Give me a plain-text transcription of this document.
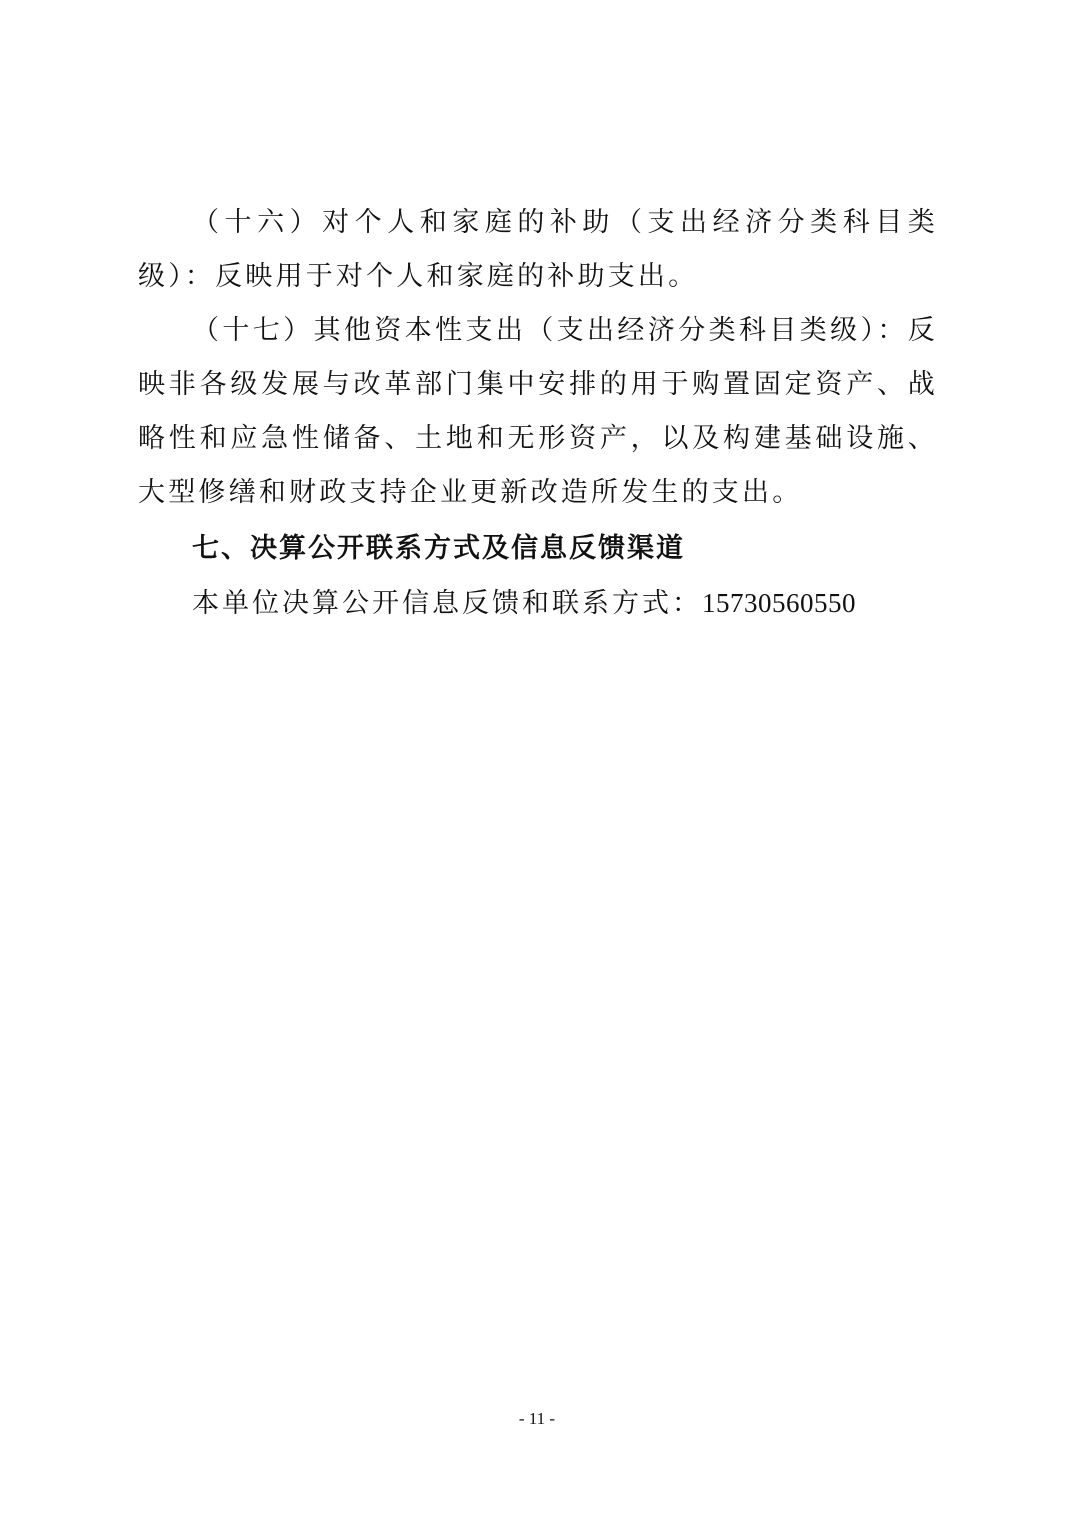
（十六）对个人和家庭的补助（支出经济分类科目类级）：反映用于对个人和家庭的补助支出。

（十七）其他资本性支出（支出经济分类科目类级）：反映非各级发展与改革部门集中安排的用于购置固定资产、战略性和应急性储备、土地和无形资产，以及构建基础设施、大型修缮和财政支持企业更新改造所发生的支出。

七、决算公开联系方式及信息反馈渠道

本单位决算公开信息反馈和联系方式：15730560550

- 11 -
